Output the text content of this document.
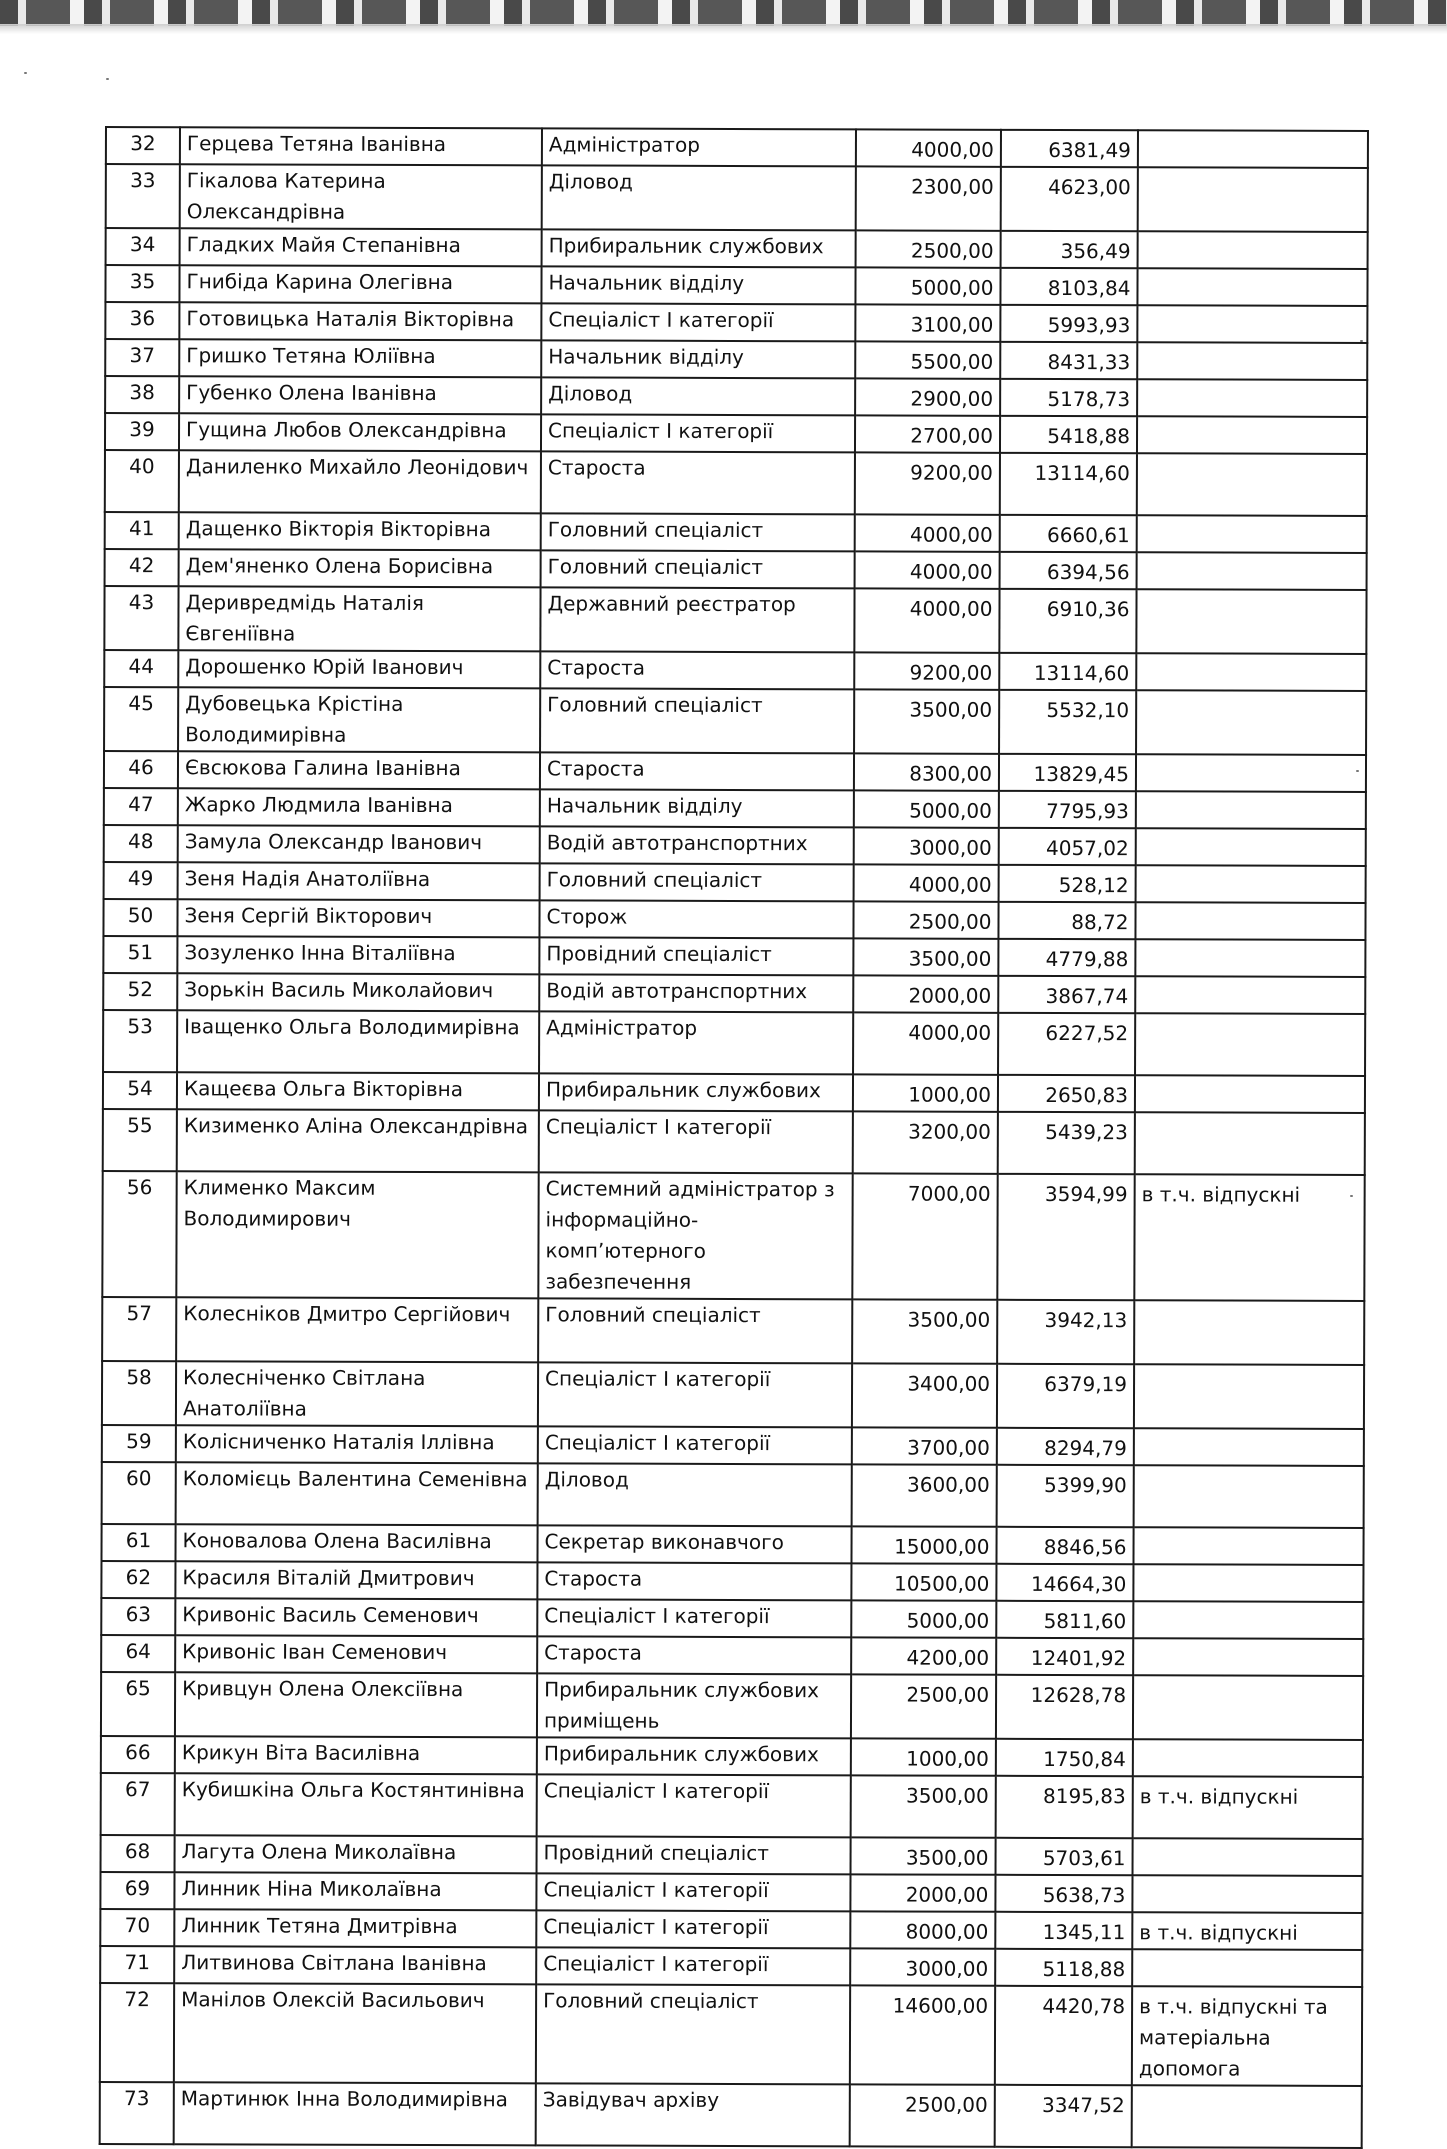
32	Герцева Тетяна Іванівна	Адміністратор	4000,00	6381,49	
33	Гікалова Катерина Олександрівна	Діловод	2300,00	4623,00	
34	Гладких Майя Степанівна	Прибиральник службових	2500,00	356,49	
35	Гнибіда Карина Олегівна	Начальник відділу	5000,00	8103,84	
36	Готовицька Наталія Вікторівна	Спеціаліст І категорії	3100,00	5993,93	
37	Гришко Тетяна Юліївна	Начальник відділу	5500,00	8431,33	
38	Губенко Олена Іванівна	Діловод	2900,00	5178,73	
39	Гущина Любов Олександрівна	Спеціаліст І категорії	2700,00	5418,88	
40	Даниленко Михайло Леонідович	Староста	9200,00	13114,60	
41	Дащенко Вікторія Вікторівна	Головний спеціаліст	4000,00	6660,61	
42	Дем'яненко Олена Борисівна	Головний спеціаліст	4000,00	6394,56	
43	Деривредмідь Наталія Євгеніївна	Державний реєстратор	4000,00	6910,36	
44	Дорошенко Юрій Іванович	Староста	9200,00	13114,60	
45	Дубовецька Крістіна Володимирівна	Головний спеціаліст	3500,00	5532,10	
46	Євсюкова Галина Іванівна	Староста	8300,00	13829,45	
47	Жарко Людмила Іванівна	Начальник відділу	5000,00	7795,93	
48	Замула Олександр Іванович	Водій автотранспортних	3000,00	4057,02	
49	Зеня Надія Анатоліївна	Головний спеціаліст	4000,00	528,12	
50	Зеня Сергій Вікторович	Сторож	2500,00	88,72	
51	Зозуленко Інна Віталіївна	Провідний спеціаліст	3500,00	4779,88	
52	Зорькін Василь Миколайович	Водій автотранспортних	2000,00	3867,74	
53	Іващенко Ольга Володимирівна	Адміністратор	4000,00	6227,52	
54	Кащеєва Ольга Вікторівна	Прибиральник службових	1000,00	2650,83	
55	Кизименко Аліна Олександрівна	Спеціаліст І категорії	3200,00	5439,23	
56	Клименко Максим Володимирович	Системний адміністратор з інформаційно-комп’ютерного забезпечення	7000,00	3594,99	в т.ч. відпускні
57	Колесніков Дмитро Сергійович	Головний спеціаліст	3500,00	3942,13	
58	Колесніченко Світлана Анатоліївна	Спеціаліст І категорії	3400,00	6379,19	
59	Колісниченко Наталія Іллівна	Спеціаліст І категорії	3700,00	8294,79	
60	Коломієць Валентина Семенівна	Діловод	3600,00	5399,90	
61	Коновалова Олена Василівна	Секретар виконавчого	15000,00	8846,56	
62	Красиля Віталій Дмитрович	Староста	10500,00	14664,30	
63	Кривоніс Василь Семенович	Спеціаліст І категорії	5000,00	5811,60	
64	Кривоніс Іван Семенович	Староста	4200,00	12401,92	
65	Кривцун Олена Олексіївна	Прибиральник службових приміщень	2500,00	12628,78	
66	Крикун Віта Василівна	Прибиральник службових	1000,00	1750,84	
67	Кубишкіна Ольга Костянтинівна	Спеціаліст І категорії	3500,00	8195,83	в т.ч. відпускні
68	Лагута Олена Миколаївна	Провідний спеціаліст	3500,00	5703,61	
69	Линник Ніна Миколаївна	Спеціаліст І категорії	2000,00	5638,73	
70	Линник Тетяна Дмитрівна	Спеціаліст І категорії	8000,00	1345,11	в т.ч. відпускні
71	Литвинова Світлана Іванівна	Спеціаліст І категорії	3000,00	5118,88	
72	Манілов Олексій Васильович	Головний спеціаліст	14600,00	4420,78	в т.ч. відпускні та матеріальна допомога
73	Мартинюк Інна Володимирівна	Завідувач архіву	2500,00	3347,52	
